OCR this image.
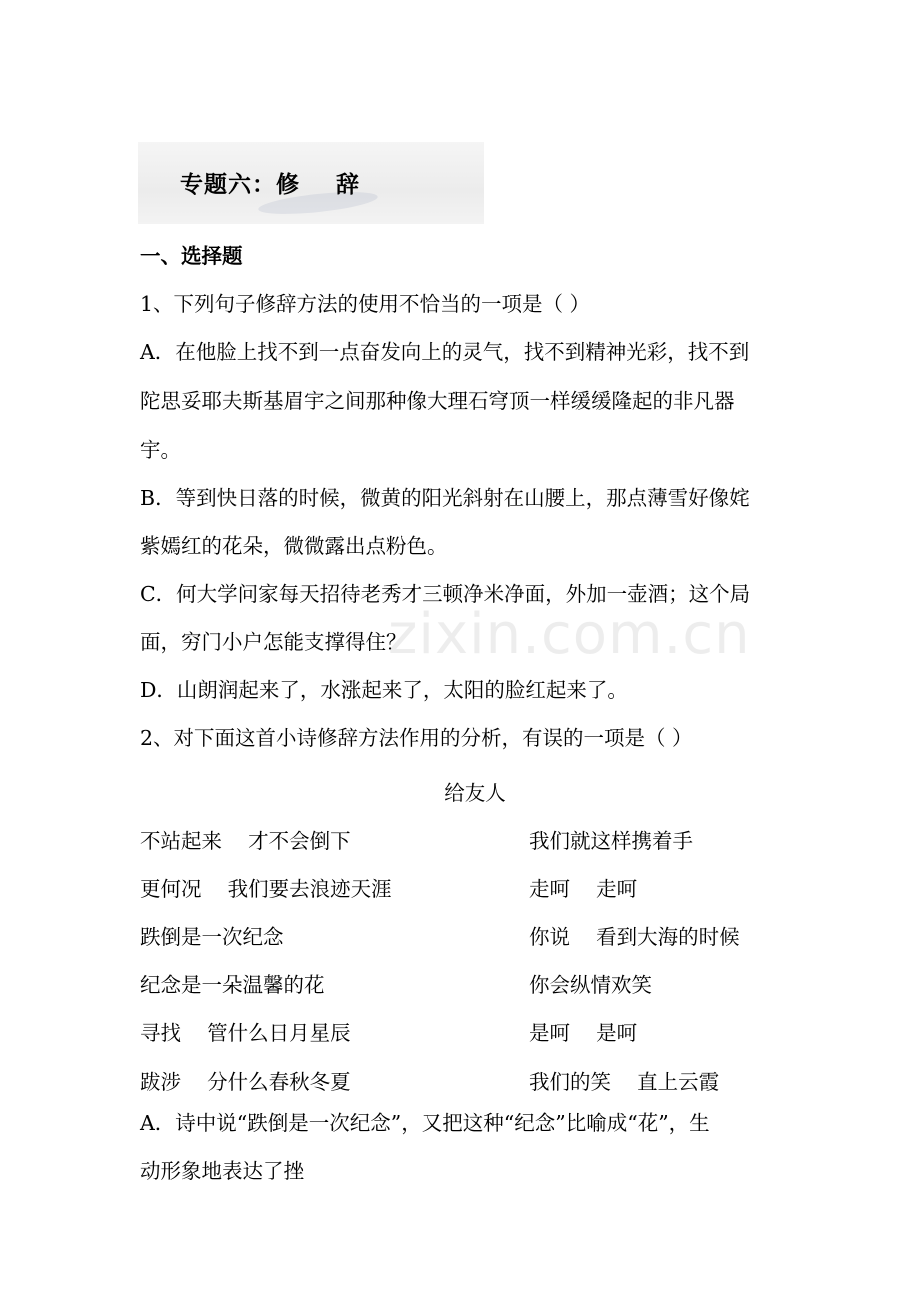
专题六：修    辞
一、选择题
1、下列句子修辞方法的使用不恰当的一项是（ ）
A．在他脸上找不到一点奋发向上的灵气，找不到精神光彩，找不到
陀思妥耶夫斯基眉宇之间那种像大理石穹顶一样缓缓隆起的非凡器
宇。
B．等到快日落的时候，微黄的阳光斜射在山腰上，那点薄雪好像姹
紫嫣红的花朵，微微露出点粉色。
C．何大学问家每天招待老秀才三顿净米净面，外加一壶酒；这个局
面，穷门小户怎能支撑得住？
D．山朗润起来了，水涨起来了，太阳的脸红起来了。
2、对下面这首小诗修辞方法作用的分析，有误的一项是（ ）
给友人
不站起来    才不会倒下
更何况    我们要去浪迹天涯
跌倒是一次纪念
纪念是一朵温馨的花
寻找    管什么日月星辰
跋涉    分什么春秋冬夏
我们就这样携着手
走呵    走呵
你说    看到大海的时候
你会纵情欢笑
是呵    是呵
我们的笑    直上云霞
A．诗中说“跌倒是一次纪念”，又把这种“纪念”比喻成“花”，生
动形象地表达了挫
zixin.com.cn
